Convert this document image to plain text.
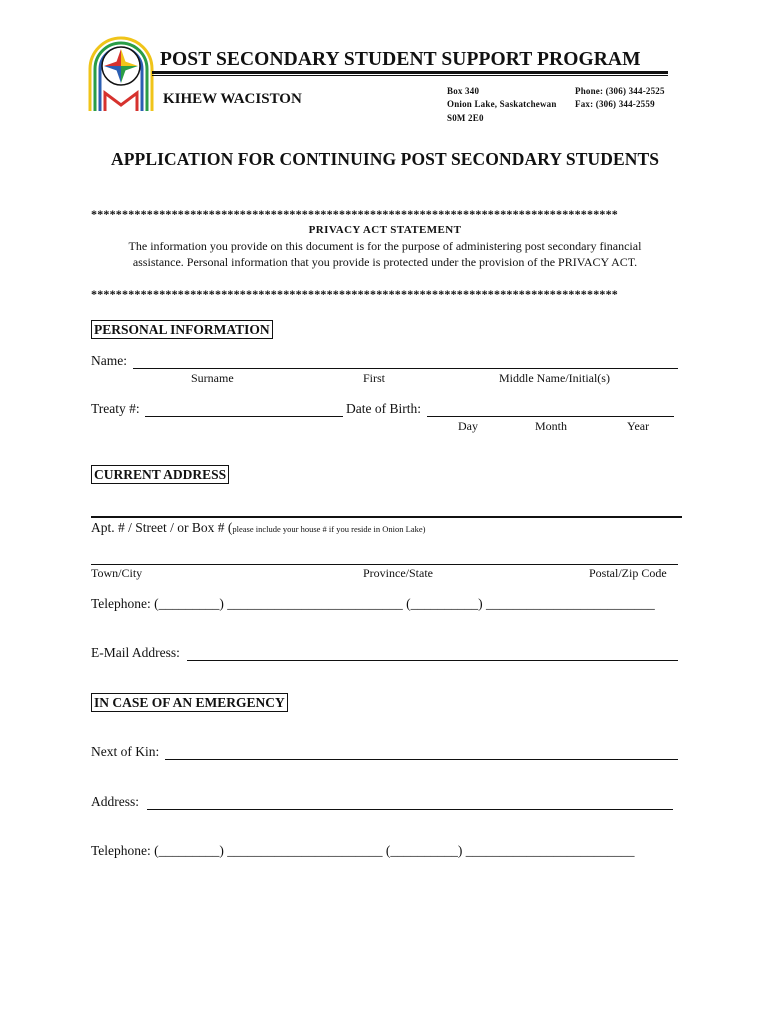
POST SECONDARY STUDENT SUPPORT PROGRAM
KIHEW WACISTON	Box 340
Onion Lake, Saskatchewan
S0M 2E0
Phone: (306) 344-2525
Fax: (306) 344-2559
APPLICATION FOR CONTINUING POST SECONDARY STUDENTS
*************************************************************************************
PRIVACY ACT STATEMENT
The information you provide on this document is for the purpose of administering post secondary financial
assistance. Personal information that you provide is protected under the provision of the PRIVACY ACT.
*************************************************************************************
PERSONAL INFORMATION
Name:
Surname	First	Middle Name/Initial(s)
Treaty #:	Date of Birth:
Day	Month	Year
CURRENT ADDRESS
Apt. # / Street / or Box # (please include your house # if you reside in Onion Lake)
Town/City	Province/State	Postal/Zip Code
Telephone: (_________) __________________________ (__________) _________________________
E-Mail Address:
IN CASE OF AN EMERGENCY
Next of Kin:
Address:
Telephone: (_________) _______________________ (__________) _________________________
